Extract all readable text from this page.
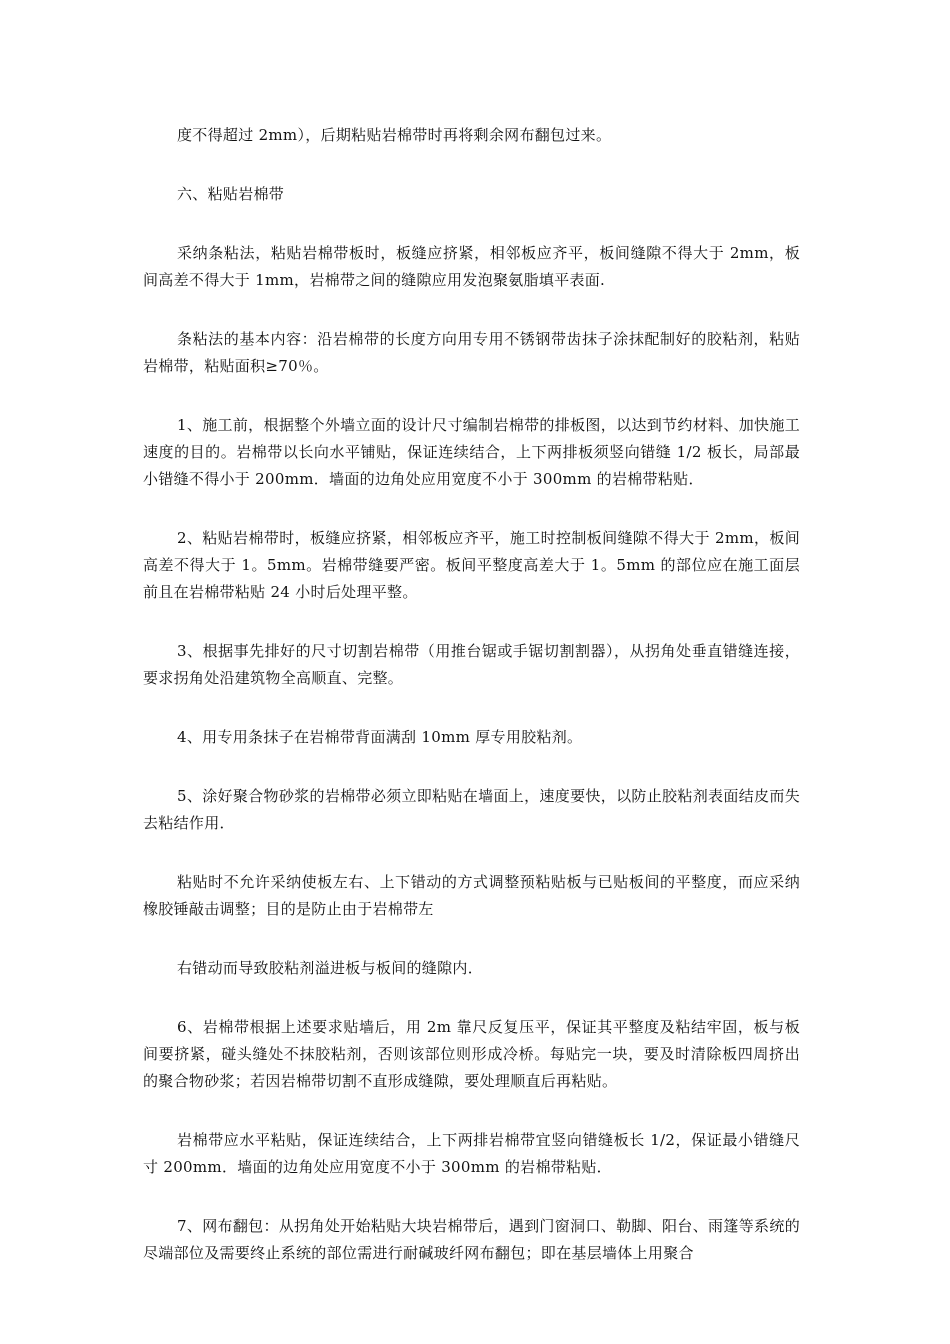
度不得超过 2mm），后期粘贴岩棉带时再将剩余网布翻包过来。

六、粘贴岩棉带

采纳条粘法，粘贴岩棉带板时，板缝应挤紧，相邻板应齐平，板间缝隙不得大于 2mm，板间高差不得大于 1mm，岩棉带之间的缝隙应用发泡聚氨脂填平表面.

条粘法的基本内容：沿岩棉带的长度方向用专用不锈钢带齿抹子涂抹配制好的胶粘剂，粘贴岩棉带，粘贴面积≥70％。

1、施工前，根据整个外墙立面的设计尺寸编制岩棉带的排板图，以达到节约材料、加快施工速度的目的。岩棉带以长向水平铺贴，保证连续结合，上下两排板须竖向错缝 1/2 板长，局部最小错缝不得小于 200mm．墙面的边角处应用宽度不小于 300mm 的岩棉带粘贴．

2、粘贴岩棉带时，板缝应挤紧，相邻板应齐平，施工时控制板间缝隙不得大于 2mm，板间高差不得大于 1。5mm。岩棉带缝要严密。板间平整度高差大于 1。5mm 的部位应在施工面层前且在岩棉带粘贴 24 小时后处理平整。

3、根据事先排好的尺寸切割岩棉带（用推台锯或手锯切割割器），从拐角处垂直错缝连接，要求拐角处沿建筑物全高顺直、完整。

4、用专用条抹子在岩棉带背面满刮 10mm 厚专用胶粘剂。

5、涂好聚合物砂浆的岩棉带必须立即粘贴在墙面上，速度要快，以防止胶粘剂表面结皮而失去粘结作用．

粘贴时不允许采纳使板左右、上下错动的方式调整预粘贴板与已贴板间的平整度，而应采纳橡胶锤敲击调整；目的是防止由于岩棉带左

右错动而导致胶粘剂溢进板与板间的缝隙内．

6、岩棉带根据上述要求贴墙后，用 2m 靠尺反复压平，保证其平整度及粘结牢固，板与板间要挤紧，碰头缝处不抹胶粘剂，否则该部位则形成冷桥。每贴完一块，要及时清除板四周挤出的聚合物砂浆；若因岩棉带切割不直形成缝隙，要处理顺直后再粘贴。

岩棉带应水平粘贴，保证连续结合，上下两排岩棉带宜竖向错缝板长 1/2，保证最小错缝尺寸 200mm．墙面的边角处应用宽度不小于 300mm 的岩棉带粘贴．

7、网布翻包：从拐角处开始粘贴大块岩棉带后，遇到门窗洞口、勒脚、阳台、雨篷等系统的尽端部位及需要终止系统的部位需进行耐碱玻纤网布翻包；即在基层墙体上用聚合
